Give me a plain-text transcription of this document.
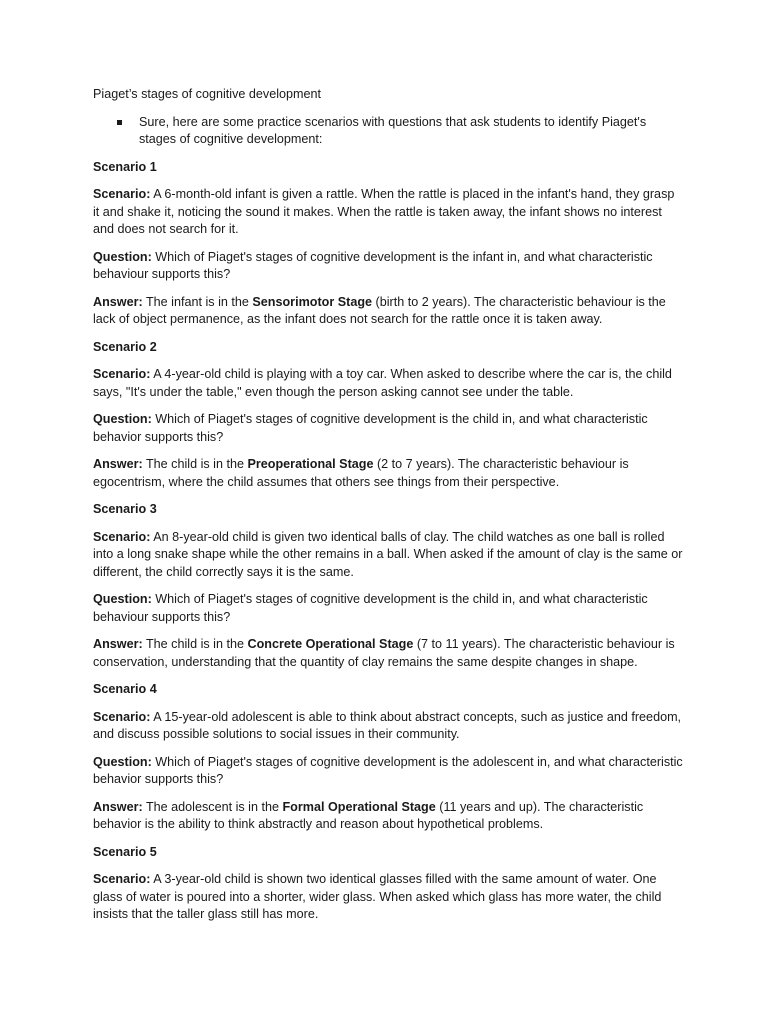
Piaget’s stages of cognitive development
Sure, here are some practice scenarios with questions that ask students to identify Piaget's stages of cognitive development:
Scenario 1
Scenario: A 6-month-old infant is given a rattle. When the rattle is placed in the infant's hand, they grasp it and shake it, noticing the sound it makes. When the rattle is taken away, the infant shows no interest and does not search for it.
Question: Which of Piaget's stages of cognitive development is the infant in, and what characteristic behaviour supports this?
Answer: The infant is in the Sensorimotor Stage (birth to 2 years). The characteristic behaviour is the lack of object permanence, as the infant does not search for the rattle once it is taken away.
Scenario 2
Scenario: A 4-year-old child is playing with a toy car. When asked to describe where the car is, the child says, "It's under the table," even though the person asking cannot see under the table.
Question: Which of Piaget's stages of cognitive development is the child in, and what characteristic behavior supports this?
Answer: The child is in the Preoperational Stage (2 to 7 years). The characteristic behaviour is egocentrism, where the child assumes that others see things from their perspective.
Scenario 3
Scenario: An 8-year-old child is given two identical balls of clay. The child watches as one ball is rolled into a long snake shape while the other remains in a ball. When asked if the amount of clay is the same or different, the child correctly says it is the same.
Question: Which of Piaget's stages of cognitive development is the child in, and what characteristic behaviour supports this?
Answer: The child is in the Concrete Operational Stage (7 to 11 years). The characteristic behaviour is conservation, understanding that the quantity of clay remains the same despite changes in shape.
Scenario 4
Scenario: A 15-year-old adolescent is able to think about abstract concepts, such as justice and freedom, and discuss possible solutions to social issues in their community.
Question: Which of Piaget's stages of cognitive development is the adolescent in, and what characteristic behavior supports this?
Answer: The adolescent is in the Formal Operational Stage (11 years and up). The characteristic behavior is the ability to think abstractly and reason about hypothetical problems.
Scenario 5
Scenario: A 3-year-old child is shown two identical glasses filled with the same amount of water. One glass of water is poured into a shorter, wider glass. When asked which glass has more water, the child insists that the taller glass still has more.
